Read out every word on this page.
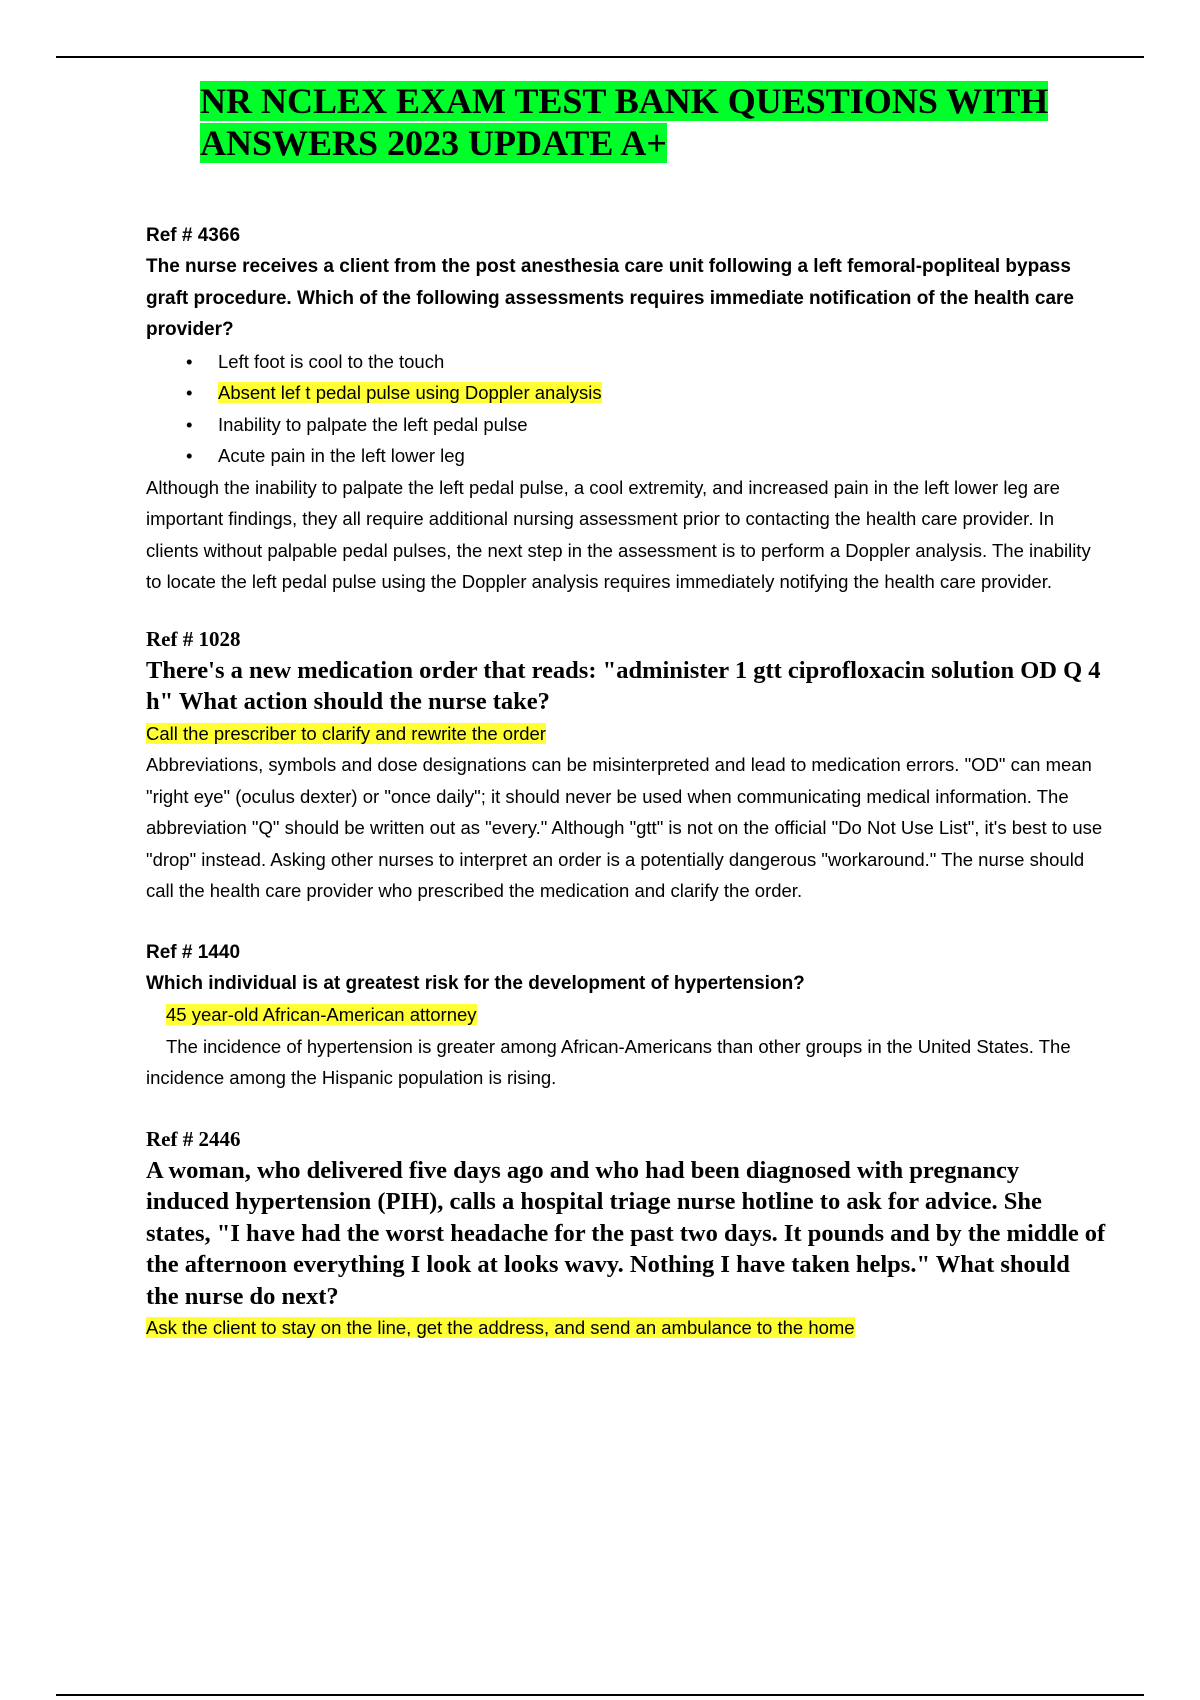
NR NCLEX EXAM TEST BANK QUESTIONS WITH ANSWERS 2023 UPDATE A+

Ref # 4366

The nurse receives a client from the post anesthesia care unit following a left femoral-popliteal bypass graft procedure. Which of the following assessments requires immediate notification of the health care provider?

• Left foot is cool to the touch
• Absent lef t pedal pulse using Doppler analysis
• Inability to palpate the left pedal pulse
• Acute pain in the left lower leg

Although the inability to palpate the left pedal pulse, a cool extremity, and increased pain in the left lower leg are important findings, they all require additional nursing assessment prior to contacting the health care provider. In clients without palpable pedal pulses, the next step in the assessment is to perform a Doppler analysis. The inability to locate the left pedal pulse using the Doppler analysis requires immediately notifying the health care provider.

Ref # 1028

There's a new medication order that reads: "administer 1 gtt ciprofloxacin solution OD Q 4 h" What action should the nurse take?

Call the prescriber to clarify and rewrite the order

Abbreviations, symbols and dose designations can be misinterpreted and lead to medication errors. "OD" can mean "right eye" (oculus dexter) or "once daily"; it should never be used when communicating medical information. The abbreviation "Q" should be written out as "every." Although "gtt" is not on the official "Do Not Use List", it's best to use "drop" instead. Asking other nurses to interpret an order is a potentially dangerous "workaround." The nurse should call the health care provider who prescribed the medication and clarify the order.

Ref # 1440

Which individual is at greatest risk for the development of hypertension?

45 year-old African-American attorney

The incidence of hypertension is greater among African-Americans than other groups in the United States. The incidence among the Hispanic population is rising.

Ref # 2446

A woman, who delivered five days ago and who had been diagnosed with pregnancy induced hypertension (PIH), calls a hospital triage nurse hotline to ask for advice. She states, "I have had the worst headache for the past two days. It pounds and by the middle of the afternoon everything I look at looks wavy. Nothing I have taken helps." What should the nurse do next?

Ask the client to stay on the line, get the address, and send an ambulance to the home
